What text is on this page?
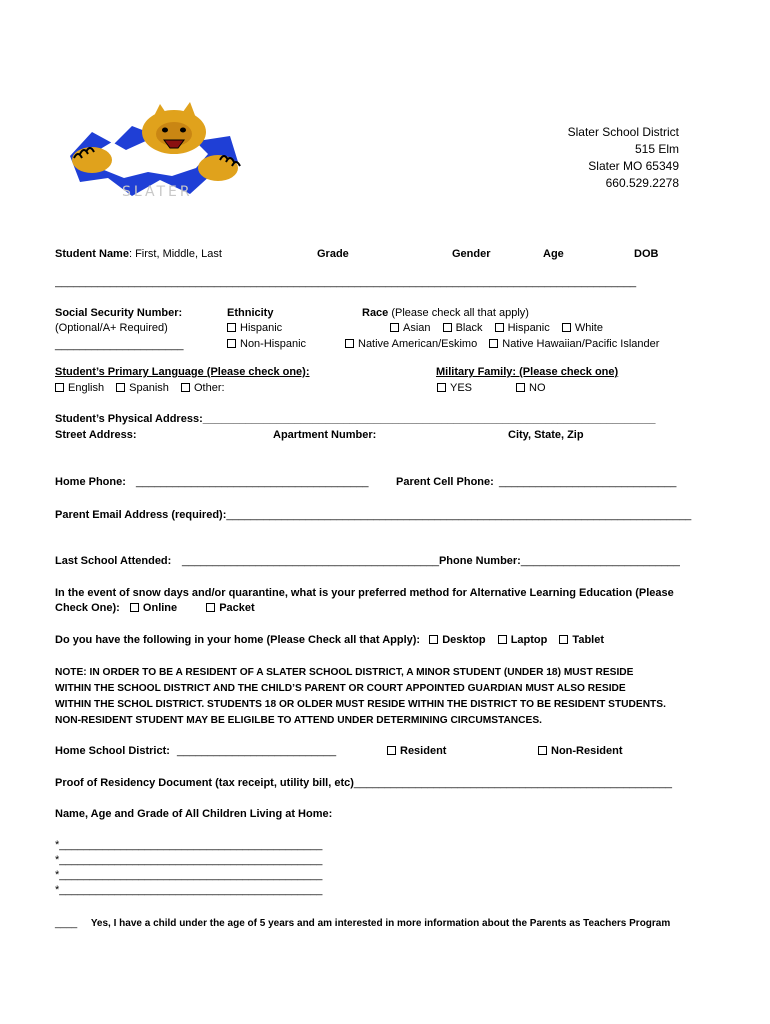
SLATER
Slater School District
515 Elm
Slater MO 65349
660.529.2278
Student Name: First, Middle, Last	Grade	Gender	Age	DOB
_______________________________________________________________________________________________
Social Security Number:
(Optional/A+ Required)
_____________________
Ethnicity
Hispanic
Non-Hispanic
Race (Please check all that apply)
Asian Black Hispanic White
Native American/Eskimo Native Hawaiian/Pacific Islander
Student’s Primary Language (Please check one):
English Spanish Other:
Military Family: (Please check one)
YES	NO
Student’s Physical Address:__________________________________________________________________________
Street Address:	Apartment Number:	City, State, Zip
Home Phone: ______________________________________	Parent Cell Phone: _____________________________
Parent Email Address (required):____________________________________________________________________________
Last School Attended: __________________________________________Phone Number:__________________________
In the event of snow days and/or quarantine, what is your preferred method for Alternative Learning Education (Please
Check One): Online	Packet
Do you have the following in your home (Please Check all that Apply): Desktop Laptop Tablet
NOTE: IN ORDER TO BE A RESIDENT OF A SLATER SCHOOL DISTRICT, A MINOR STUDENT (UNDER 18) MUST RESIDE
WITHIN THE SCHOOL DISTRICT AND THE CHILD’S PARENT OR COURT APPOINTED GUARDIAN MUST ALSO RESIDE
WITHIN THE SCHOL DISTRICT. STUDENTS 18 OR OLDER MUST RESIDE WITHIN THE DISTRICT TO BE RESIDENT STUDENTS.
NON-RESIDENT STUDENT MAY BE ELIGILBE TO ATTEND UNDER DETERMINING CIRCUMSTANCES.
Home School District: __________________________	Resident	Non-Resident
Proof of Residency Document (tax receipt, utility bill, etc)____________________________________________________
Name, Age and Grade of All Children Living at Home:
*___________________________________________
*___________________________________________
*___________________________________________
*___________________________________________
____ Yes, I have a child under the age of 5 years and am interested in more information about the Parents as Teachers Program
